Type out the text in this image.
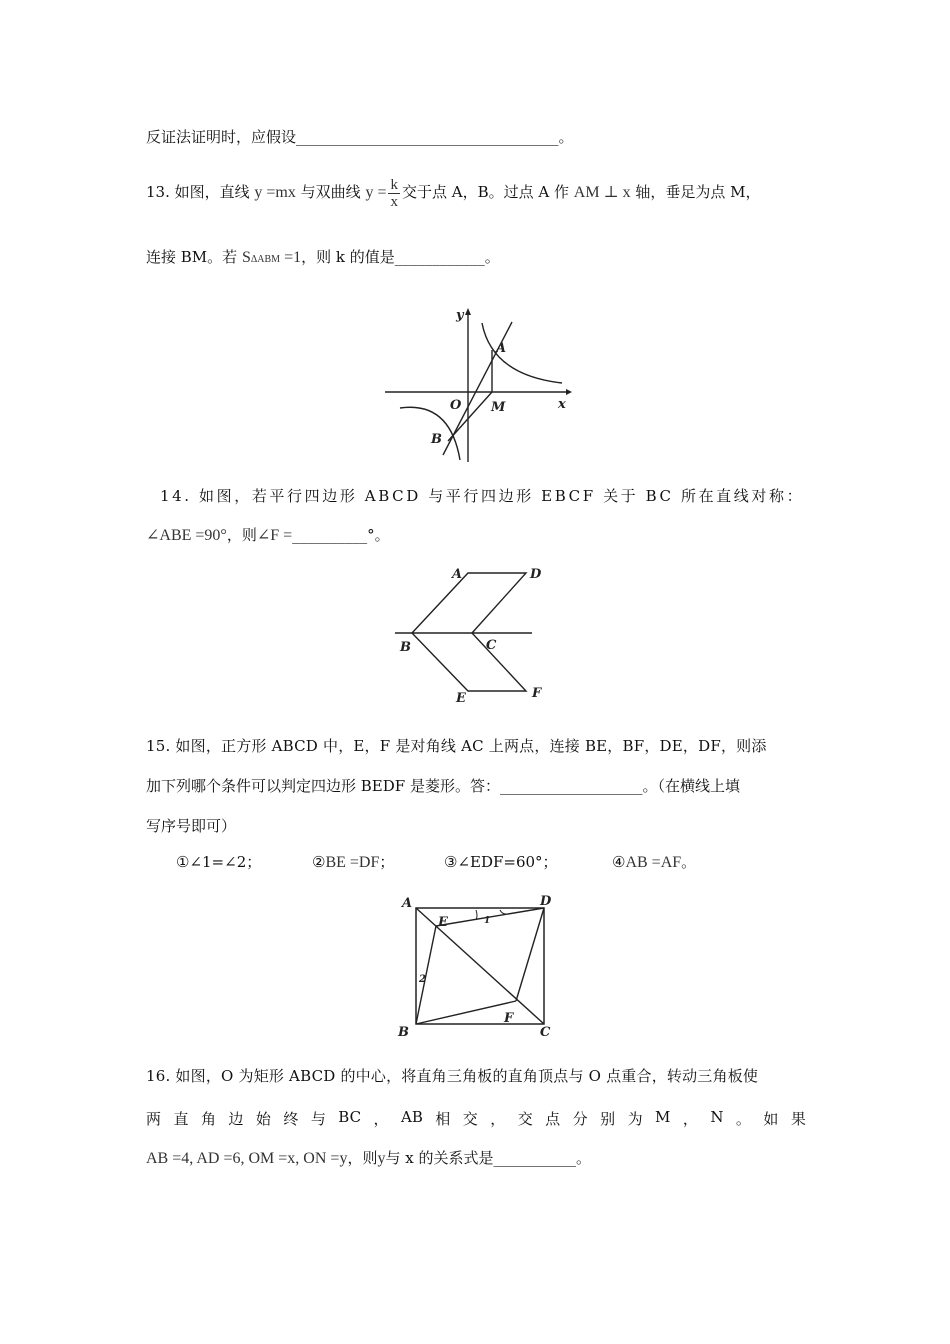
反证法证明时，应假设___________________________________。
13. 如图，直线 y =mx 与双曲线 $y = \frac{k}{x}$ 交于点 A，B。过点 A 作 AM ⊥ x 轴，垂足为点 M，
连接 BM。若 SΔABM =1，则 k 的值是____________。
y
x
A
O M
B
14. 如图，若平行四边形 ABCD 与平行四边形 EBCF 关于 BC 所在直线对称：
∠ABE =90°，则∠F =__________°。
A	D
B	C
E	F
15. 如图，正方形 ABCD 中，E，F 是对角线 AC 上两点，连接 BE，BF，DE，DF，则添
加下列哪个条件可以判定四边形 BEDF 是菱形。答：___________________。（在横线上填
写序号即可）
①∠1=∠2；	②BE =DF；	③∠EDF=60°；	④AB =AF。
A	D
E	1
2
B
F
C
16. 如图，O 为矩形 ABCD 的中心，将直角三角板的直角顶点与 O 点重合，转动三角板使
两 直 角 边 始 终 与 BC ， AB 相 交 ， 交 点 分 别 为 M ， N 。 如 果
AB =4, AD =6, OM =x, ON =y，则y与 x 的关系式是___________。
